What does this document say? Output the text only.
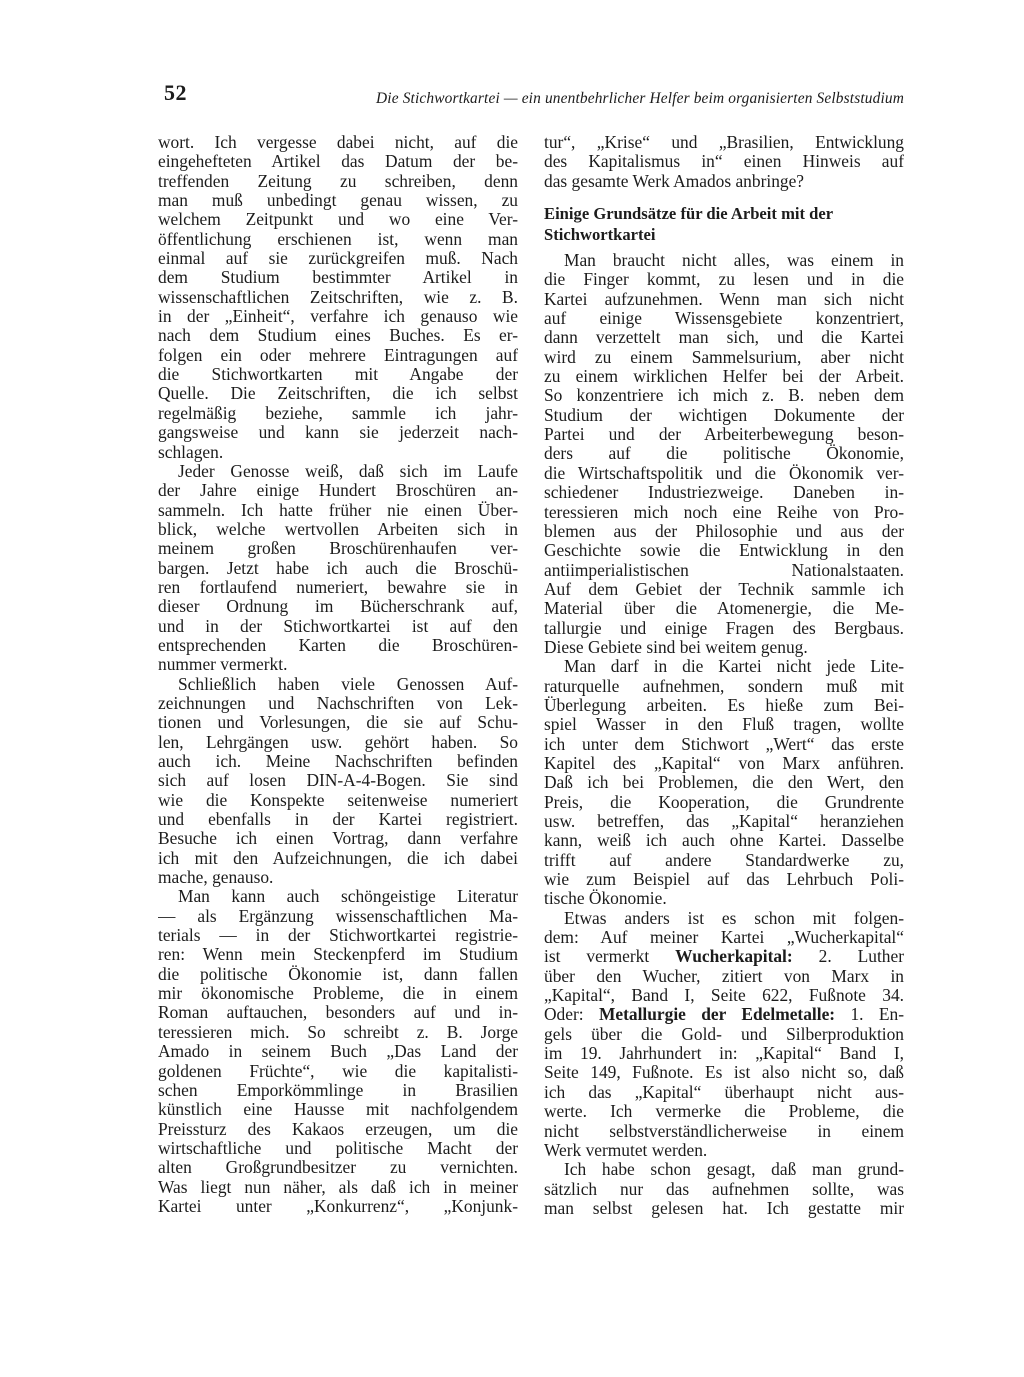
52	Die Stichwortkartei — ein unentbehrlicher Helfer beim organisierten Selbststudium
wort. Ich vergesse dabei nicht, auf die
eingehefteten Artikel das Datum der be-
treffenden Zeitung zu schreiben, denn
man muß unbedingt genau wissen, zu
welchem Zeitpunkt und wo eine Ver-
öffentlichung erschienen ist, wenn man
einmal auf sie zurückgreifen muß. Nach
dem Studium bestimmter Artikel in
wissenschaftlichen Zeitschriften, wie z. B.
in der „Einheit“, verfahre ich genauso wie
nach dem Studium eines Buches. Es er-
folgen ein oder mehrere Eintragungen auf
die Stichwortkarten mit Angabe der
Quelle. Die Zeitschriften, die ich selbst
regelmäßig beziehe, sammle ich jahr-
gangsweise und kann sie jederzeit nach-
schlagen.
Jeder Genosse weiß, daß sich im Laufe
der Jahre einige Hundert Broschüren an-
sammeln. Ich hatte früher nie einen Über-
blick, welche wertvollen Arbeiten sich in
meinem großen Broschürenhaufen ver-
bargen. Jetzt habe ich auch die Broschü-
ren fortlaufend numeriert, bewahre sie in
dieser Ordnung im Bücherschrank auf,
und in der Stichwortkartei ist auf den
entsprechenden Karten die Broschüren-
nummer vermerkt.
Schließlich haben viele Genossen Auf-
zeichnungen und Nachschriften von Lek-
tionen und Vorlesungen, die sie auf Schu-
len, Lehrgängen usw. gehört haben. So
auch ich. Meine Nachschriften befinden
sich auf losen DIN-A-4-Bogen. Sie sind
wie die Konspekte seitenweise numeriert
und ebenfalls in der Kartei registriert.
Besuche ich einen Vortrag, dann verfahre
ich mit den Aufzeichnungen, die ich dabei
mache, genauso.
Man kann auch schöngeistige Literatur
— als Ergänzung wissenschaftlichen Ma-
terials — in der Stichwortkartei registrie-
ren: Wenn mein Steckenpferd im Studium
die politische Ökonomie ist, dann fallen
mir ökonomische Probleme, die in einem
Roman auftauchen, besonders auf und in-
teressieren mich. So schreibt z. B. Jorge
Amado in seinem Buch „Das Land der
goldenen Früchte“, wie die kapitalisti-
schen Emporkömmlinge in Brasilien
künstlich eine Hausse mit nachfolgendem
Preissturz des Kakaos erzeugen, um die
wirtschaftliche und politische Macht der
alten Großgrundbesitzer zu vernichten.
Was liegt nun näher, als daß ich in meiner
Kartei unter „Konkurrenz“, „Konjunk-
tur“, „Krise“ und „Brasilien, Entwicklung
des Kapitalismus in“ einen Hinweis auf
das gesamte Werk Amados anbringe?
Einige Grundsätze für die Arbeit mit der
Stichwortkartei
Man braucht nicht alles, was einem in
die Finger kommt, zu lesen und in die
Kartei aufzunehmen. Wenn man sich nicht
auf einige Wissensgebiete konzentriert,
dann verzettelt man sich, und die Kartei
wird zu einem Sammelsurium, aber nicht
zu einem wirklichen Helfer bei der Arbeit.
So konzentriere ich mich z. B. neben dem
Studium der wichtigen Dokumente der
Partei und der Arbeiterbewegung beson-
ders auf die politische Ökonomie,
die Wirtschaftspolitik und die Ökonomik ver-
schiedener Industriezweige. Daneben in-
teressieren mich noch eine Reihe von Pro-
blemen aus der Philosophie und aus der
Geschichte sowie die Entwicklung in den
antiimperialistischen Nationalstaaten.
Auf dem Gebiet der Technik sammle ich
Material über die Atomenergie, die Me-
tallurgie und einige Fragen des Bergbaus.
Diese Gebiete sind bei weitem genug.
Man darf in die Kartei nicht jede Lite-
raturquelle aufnehmen, sondern muß mit
Überlegung arbeiten. Es hieße zum Bei-
spiel Wasser in den Fluß tragen, wollte
ich unter dem Stichwort „Wert“ das erste
Kapitel des „Kapital“ von Marx anführen.
Daß ich bei Problemen, die den Wert, den
Preis, die Kooperation, die Grundrente
usw. betreffen, das „Kapital“ heranziehen
kann, weiß ich auch ohne Kartei. Dasselbe
trifft auf andere Standardwerke zu,
wie zum Beispiel auf das Lehrbuch Poli-
tische Ökonomie.
Etwas anders ist es schon mit folgen-
dem: Auf meiner Kartei „Wucherkapital“
ist vermerkt Wucherkapital: 2. Luther
über den Wucher, zitiert von Marx in
„Kapital“, Band I, Seite 622, Fußnote 34.
Oder: Metallurgie der Edelmetalle: 1. En-
gels über die Gold- und Silberproduktion
im 19. Jahrhundert in: „Kapital“ Band I,
Seite 149, Fußnote. Es ist also nicht so, daß
ich das „Kapital“ überhaupt nicht aus-
werte. Ich vermerke die Probleme, die
nicht selbstverständlicherweise in einem
Werk vermutet werden.
Ich habe schon gesagt, daß man grund-
sätzlich nur das aufnehmen sollte, was
man selbst gelesen hat. Ich gestatte mir
